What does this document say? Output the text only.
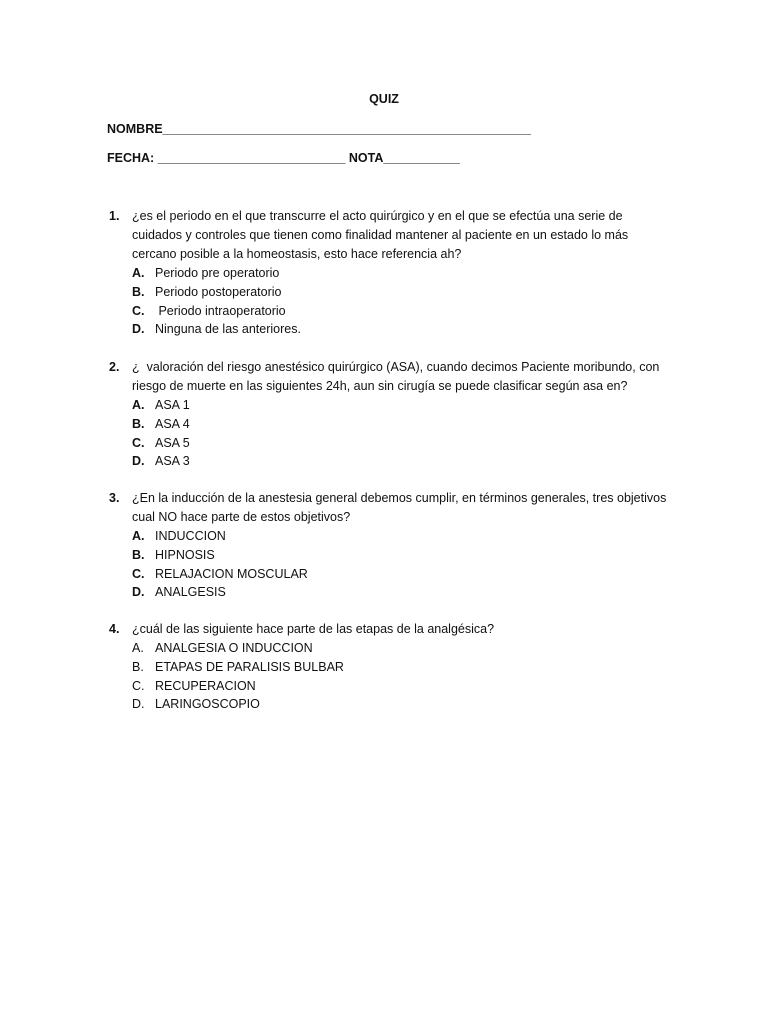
QUIZ
NOMBRE_____________________________________________________
FECHA: ___________________________ NOTA___________
1.	¿es el periodo en el que transcurre el acto quirúrgico y en el que se efectúa una serie de cuidados y controles que tienen como finalidad mantener al paciente en un estado lo más cercano posible a la homeostasis, esto hace referencia ah?
A. Periodo pre operatorio
B. Periodo postoperatorio
C. Periodo intraoperatorio
D. Ninguna de las anteriores.
2.	¿  valoración del riesgo anestésico quirúrgico (ASA), cuando decimos Paciente moribundo, con riesgo de muerte en las siguientes 24h, aun sin cirugía se puede clasificar según asa en?
A. ASA 1
B. ASA 4
C. ASA 5
D. ASA 3
3.	¿En la inducción de la anestesia general debemos cumplir, en términos generales, tres objetivos cual NO hace parte de estos objetivos?
A. INDUCCION
B. HIPNOSIS
C. RELAJACION MOSCULAR
D. ANALGESIS
4.	¿cuál de las siguiente hace parte de las etapas de la analgésica?
A. ANALGESIA O INDUCCION
B. ETAPAS DE PARALISIS BULBAR
C. RECUPERACION
D. LARINGOSCOPIO
